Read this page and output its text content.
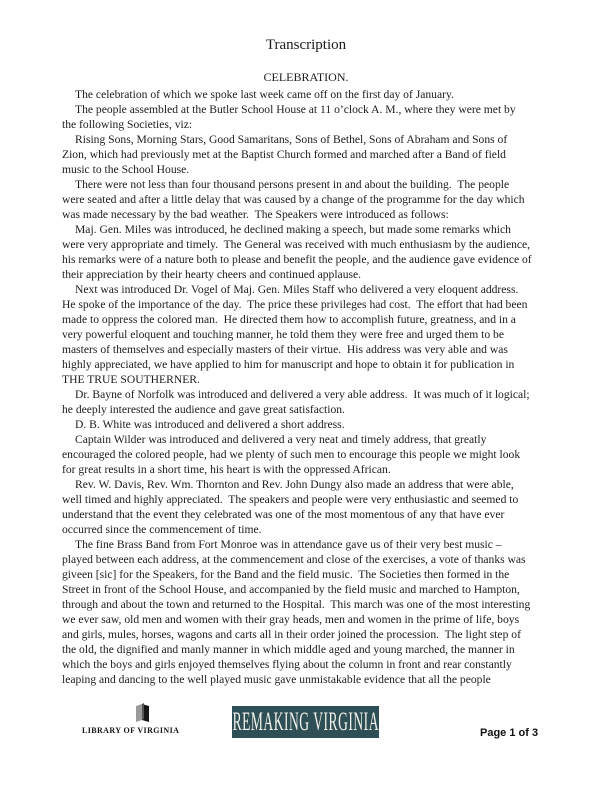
Transcription
CELEBRATION.
The celebration of which we spoke last week came off on the first day of January.
The people assembled at the Butler School House at 11 o’clock A. M., where they were met by
the following Societies, viz:
Rising Sons, Morning Stars, Good Samaritans, Sons of Bethel, Sons of Abraham and Sons of
Zion, which had previously met at the Baptist Church formed and marched after a Band of field
music to the School House.
There were not less than four thousand persons present in and about the building.  The people
were seated and after a little delay that was caused by a change of the programme for the day which
was made necessary by the bad weather.  The Speakers were introduced as follows:
Maj. Gen. Miles was introduced, he declined making a speech, but made some remarks which
were very appropriate and timely.  The General was received with much enthusiasm by the audience,
his remarks were of a nature both to please and benefit the people, and the audience gave evidence of
their appreciation by their hearty cheers and continued applause.
Next was introduced Dr. Vogel of Maj. Gen. Miles Staff who delivered a very eloquent address.
He spoke of the importance of the day.  The price these privileges had cost.  The effort that had been
made to oppress the colored man.  He directed them how to accomplish future, greatness, and in a
very powerful eloquent and touching manner, he told them they were free and urged them to be
masters of themselves and especially masters of their virtue.  His address was very able and was
highly appreciated, we have applied to him for manuscript and hope to obtain it for publication in
THE TRUE SOUTHERNER.
Dr. Bayne of Norfolk was introduced and delivered a very able address.  It was much of it logical;
he deeply interested the audience and gave great satisfaction.
D. B. White was introduced and delivered a short address.
Captain Wilder was introduced and delivered a very neat and timely address, that greatly
encouraged the colored people, had we plenty of such men to encourage this people we might look
for great results in a short time, his heart is with the oppressed African.
Rev. W. Davis, Rev. Wm. Thornton and Rev. John Dungy also made an address that were able,
well timed and highly appreciated.  The speakers and people were very enthusiastic and seemed to
understand that the event they celebrated was one of the most momentous of any that have ever
occurred since the commencement of time.
The fine Brass Band from Fort Monroe was in attendance gave us of their very best music –
played between each address, at the commencement and close of the exercises, a vote of thanks was
giveen [sic] for the Speakers, for the Band and the field music.  The Societies then formed in the
Street in front of the School House, and accompanied by the field music and marched to Hampton,
through and about the town and returned to the Hospital.  This march was one of the most interesting
we ever saw, old men and women with their gray heads, men and women in the prime of life, boys
and girls, mules, horses, wagons and carts all in their order joined the procession.  The light step of
the old, the dignified and manly manner in which middle aged and young marched, the manner in
which the boys and girls enjoyed themselves flying about the column in front and rear constantly
leaping and dancing to the well played music gave unmistakable evidence that all the people
LIBRARY OF VIRGINIA REMAKING VIRGINIA	Page 1 of 3
